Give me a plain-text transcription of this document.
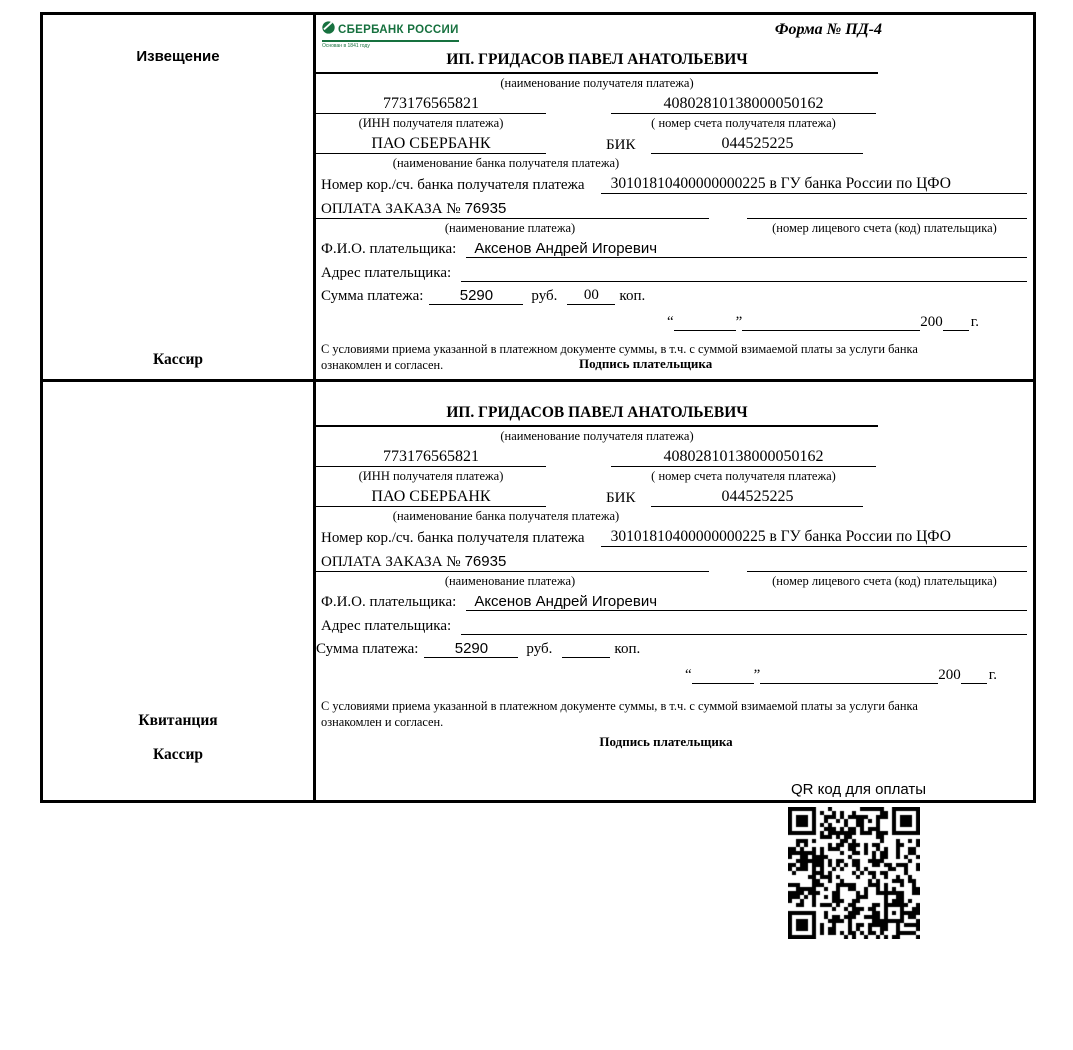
Извещение
Кассир
СБЕРБАНК РОССИИ
Основан в 1841 году
Форма № ПД-4
ИП. ГРИДАСОВ ПАВЕЛ АНАТОЛЬЕВИЧ
(наименование получателя платежа)
773176565821	40802810138000050162
(ИНН получателя платежа)	( номер счета получателя платежа)
ПАО СБЕРБАНК	БИК	044525225
(наименование банка получателя платежа)
Номер кор./сч. банка получателя платежа	30101810400000000225 в ГУ банка России по ЦФО
ОПЛАТА ЗАКАЗА № 76935

(наименование платежа)	(номер лицевого счета (код) плательщика)
Ф.И.О. плательщика:	Аксенов Андрей Игоревич
Адрес плательщика:

Сумма платежа:	5290	руб.	00	коп.
“	”	200 г.

С условиями приема указанной в платежном документе суммы, в т.ч. с суммой взимаемой платы за услуги банка ознакомлен и согласен.	Подпись плательщика
Квитанция
Кассир
ИП. ГРИДАСОВ ПАВЕЛ АНАТОЛЬЕВИЧ
(наименование получателя платежа)
773176565821	40802810138000050162
(ИНН получателя платежа)	( номер счета получателя платежа)
ПАО СБЕРБАНК	БИК	044525225
(наименование банка получателя платежа)
Номер кор./сч. банка получателя платежа	30101810400000000225 в ГУ банка России по ЦФО
ОПЛАТА ЗАКАЗА № 76935

(наименование платежа)	(номер лицевого счета (код) плательщика)
Ф.И.О. плательщика:	Аксенов Андрей Игоревич
Адрес плательщика:

Сумма платежа:	5290	руб.	коп.
“	”	200 г.

С условиями приема указанной в платежном документе суммы, в т.ч. с суммой взимаемой платы за услуги банка ознакомлен и согласен.

Подпись плательщика
QR код для оплаты
